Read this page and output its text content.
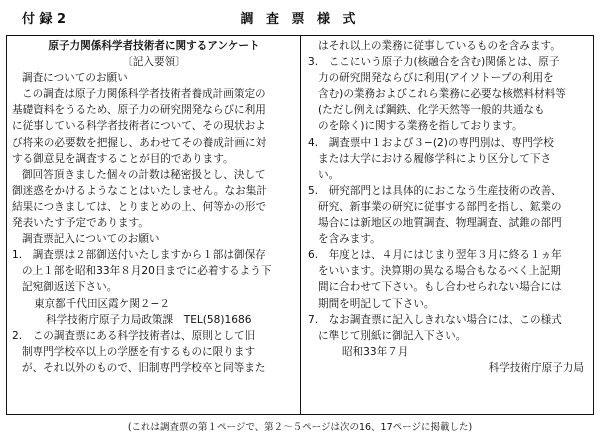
付 録 2	調 査 票 様 式
原子力関係科学者技術者に関するアンケート
〔記入要領〕
調査についてのお願い
この調査は原子力関係科学者技術者養成計画策定の
基礎資料をうるため、原子力の研究開発ならびに利用
に従事している科学者技術者について、その現状およ
び将来の必要数を把握し、あわせてその養成計画に対
する御意見を調査することが目的であります。
御回答頂きました個々の計数は秘密扱とし、決して
御迷惑をかけるようなことはいたしません。なお集計
結果につきましては、とりまとめの上、何等かの形で
発表いたす予定であります。
調査票記入についてのお願い
1.　調査票は２部御送付いたしますから１部は御保存
の上１部を昭和33年８月20日までに必着するよう下
記宛御返送下さい。
東京都千代田区霞ケ関２−２
科学技術庁原子力局政策課　TEL(58)1686
2.　この調査票にある科学技術者は、原則として旧
制専門学校卒以上の学歴を有するものに限ります
が、それ以外のもので、旧制専門学校卒と同等また
はそれ以上の業務に従事しているものを含みます。
3.　ここにいう原子力(核融合を含む)関係とは、原子
力の研究開発ならびに利用(アイソトープの利用を
含む)の業務およびこれら業務に必要な核燃料材料等
(ただし例えば鋼鉄、化学天然等一般的共通なも
のを除く)に関する業務を指しております。
4.　調査票中１および３−(2)の専門別は、専門学校
または大学における履修学科により区分して下さ
い。
5.　研究部門とは具体的におこなう生産技術の改善、
研究、新事業の研究に従事する部門を指し、鉱業の
場合には新地区の地質調査、物理調査、試錐の部門
を含みます。
6.　年度とは、４月にはじまり翌年３月に終る１ヵ年
をいいます。決算期の異なる場合もなるべく上記期
間に合わせて下さい。もし合わせられない場合には
期間を明記して下さい。
7.　なお調査票に記入しきれない場合には、この様式
に準じて別紙に御記入下さい。
昭和33年７月
科学技術庁原子力局
(これは調査票の第１ページで、第２〜５ページは次の16、17ページに掲載した)
